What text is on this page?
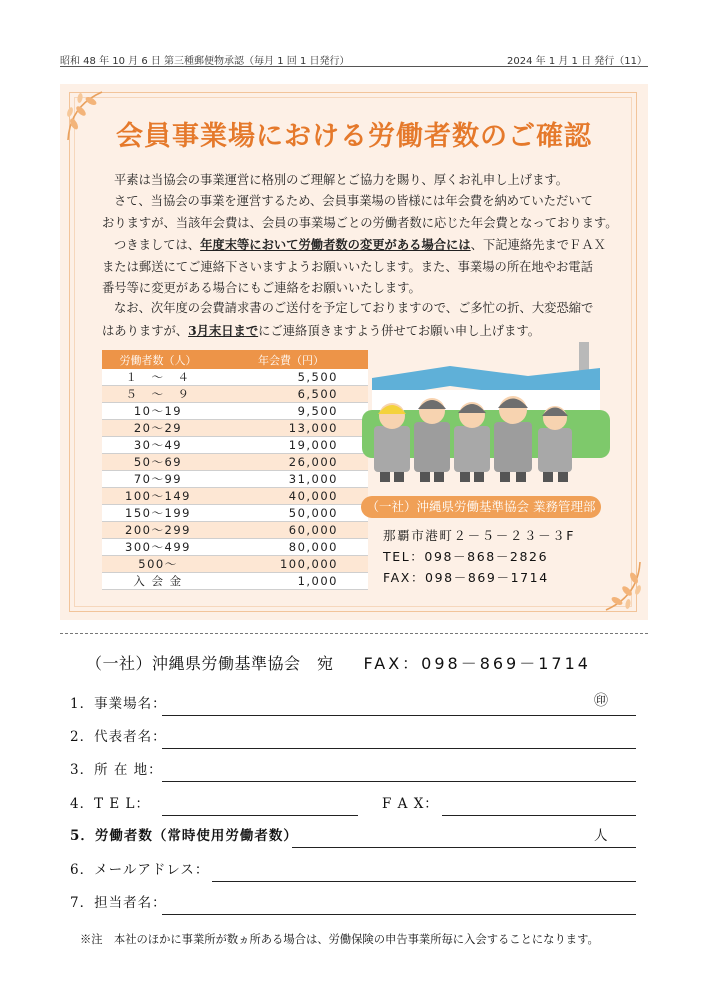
昭和 48 年 10 月 6 日 第三種郵便物承認（毎月 1 回 1 日発行）	2024 年 1 月 1 日 発行（11）
会員事業場における労働者数のご確認

平素は当協会の事業運営に格別のご理解とご協力を賜り、厚くお礼申し上げます。

さて、当協会の事業を運営するため、会員事業場の皆様には年会費を納めていただいて
おりますが、当該年会費は、会員の事業場ごとの労働者数に応じた年会費となっております。

つきましては、年度末等において労働者数の変更がある場合には、下記連絡先までＦＡＸ
または郵送にてご連絡下さいますようお願いいたします。また、事業場の所在地やお電話
番号等に変更がある場合にもご連絡をお願いいたします。

なお、次年度の会費請求書のご送付を予定しておりますので、ご多忙の折、大変恐縮で
はありますが、3月末日までにご連絡頂きますよう併せてお願い申し上げます。

労働者数（人）	年会費（円）
１　～　４	5,500
５　～　９	6,500
10～19	9,500
20～29	13,000
30～49	19,000
50～69	26,000
70～99	31,000
100～149	40,000
150～199	50,000
200～299	60,000
300～499	80,000
500～	100,000
入 会 金	1,000
（一社）沖縄県労働基準協会 業務管理部
那覇市港町２－５－２３－３F
TEL：098－868－2826
FAX：098－869－1714
（一社）沖縄県労働基準協会　宛 FAX：098－869－1714
1．事業場名：	㊞
2．代表者名：
3．所 在 地：
4．T E L：	F A X：
5．労働者数（常時使用労働者数）	人
6．メールアドレス：
7．担当者名：
※注　本社のほかに事業所が数ヵ所ある場合は、労働保険の申告事業所毎に入会することになります。
